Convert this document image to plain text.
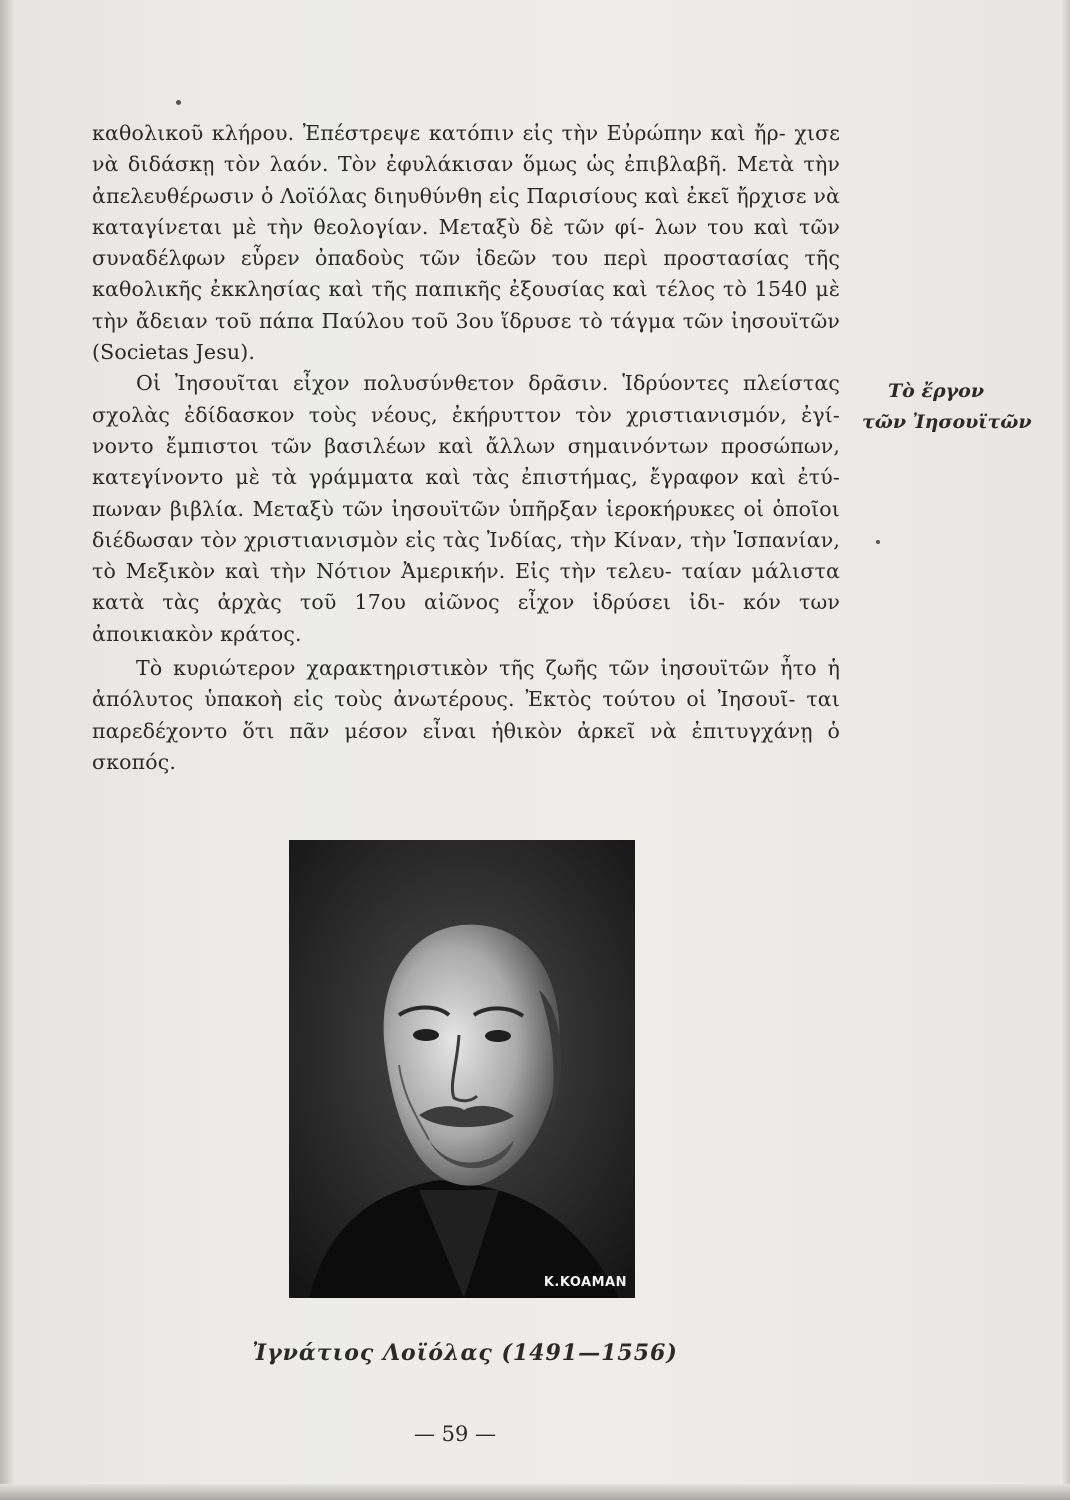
καθολικοῦ κλήρου. Ἐπέστρεψε κατόπιν εἰς τὴν Εὐρώπην καὶ ἤρ- χισε νὰ διδάσκῃ τὸν λαόν. Τὸν ἐφυλάκισαν ὅμως ὡς ἐπιβλαβῆ. Μετὰ τὴν ἀπελευθέρωσιν ὁ Λοϊόλας διηυθύνθη εἰς Παρισίους καὶ ἐκεῖ ἤρχισε νὰ καταγίνεται μὲ τὴν θεολογίαν. Μεταξὺ δὲ τῶν φί- λων του καὶ τῶν συναδέλφων εὗρεν ὀπαδοὺς τῶν ἰδεῶν του περὶ προστασίας τῆς καθολικῆς ἐκκλησίας καὶ τῆς παπικῆς ἐξουσίας καὶ τέλος τὸ 1540 μὲ τὴν ἄδειαν τοῦ πάπα Παύλου τοῦ 3ου ἵδρυσε τὸ τάγμα τῶν ἰησουϊτῶν (Societas Jesu).

Οἱ Ἰησουῖται εἶχον πολυσύνθετον δρᾶσιν. Ἱδρύοντες πλείστας σχολὰς ἐδίδασκον τοὺς νέους, ἐκήρυττον τὸν χριστιανισμόν, ἐγί- νοντο ἔμπιστοι τῶν βασιλέων καὶ ἄλλων σημαινόντων προσώπων, κατεγίνοντο μὲ τὰ γράμματα καὶ τὰς ἐπιστήμας, ἔγραφον καὶ ἐτύ- πωναν βιβλία. Μεταξὺ τῶν ἰησουϊτῶν ὑπῆρξαν ἱεροκήρυκες οἱ ὁποῖοι διέδωσαν τὸν χριστιανισμὸν εἰς τὰς Ἰνδίας, τὴν Κίναν, τὴν Ἱσπανίαν, τὸ Μεξικὸν καὶ τὴν Νότιον Ἀμερικήν. Εἰς τὴν τελευ- ταίαν μάλιστα κατὰ τὰς ἀρχὰς τοῦ 17ου αἰῶνος εἶχον ἱδρύσει ἰδι- κόν των ἀποικιακὸν κράτος.

Τὸ κυριώτερον χαρακτηριστικὸν τῆς ζωῆς τῶν ἰησουϊτῶν ἦτο ἡ ἀπόλυτος ὑπακοὴ εἰς τοὺς ἀνωτέρους. Ἐκτὸς τούτου οἱ Ἰησουῖ- ται παρεδέχοντο ὅτι πᾶν μέσον εἶναι ἠθικὸν ἀρκεῖ νὰ ἐπιτυγχάνῃ ὁ σκοπός.

Τὸ ἔργον
τῶν Ἰησουϊτῶν
K.KOAMAN
Ἰγνάτιος Λοϊόλας (1491—1556)
— 59 —
